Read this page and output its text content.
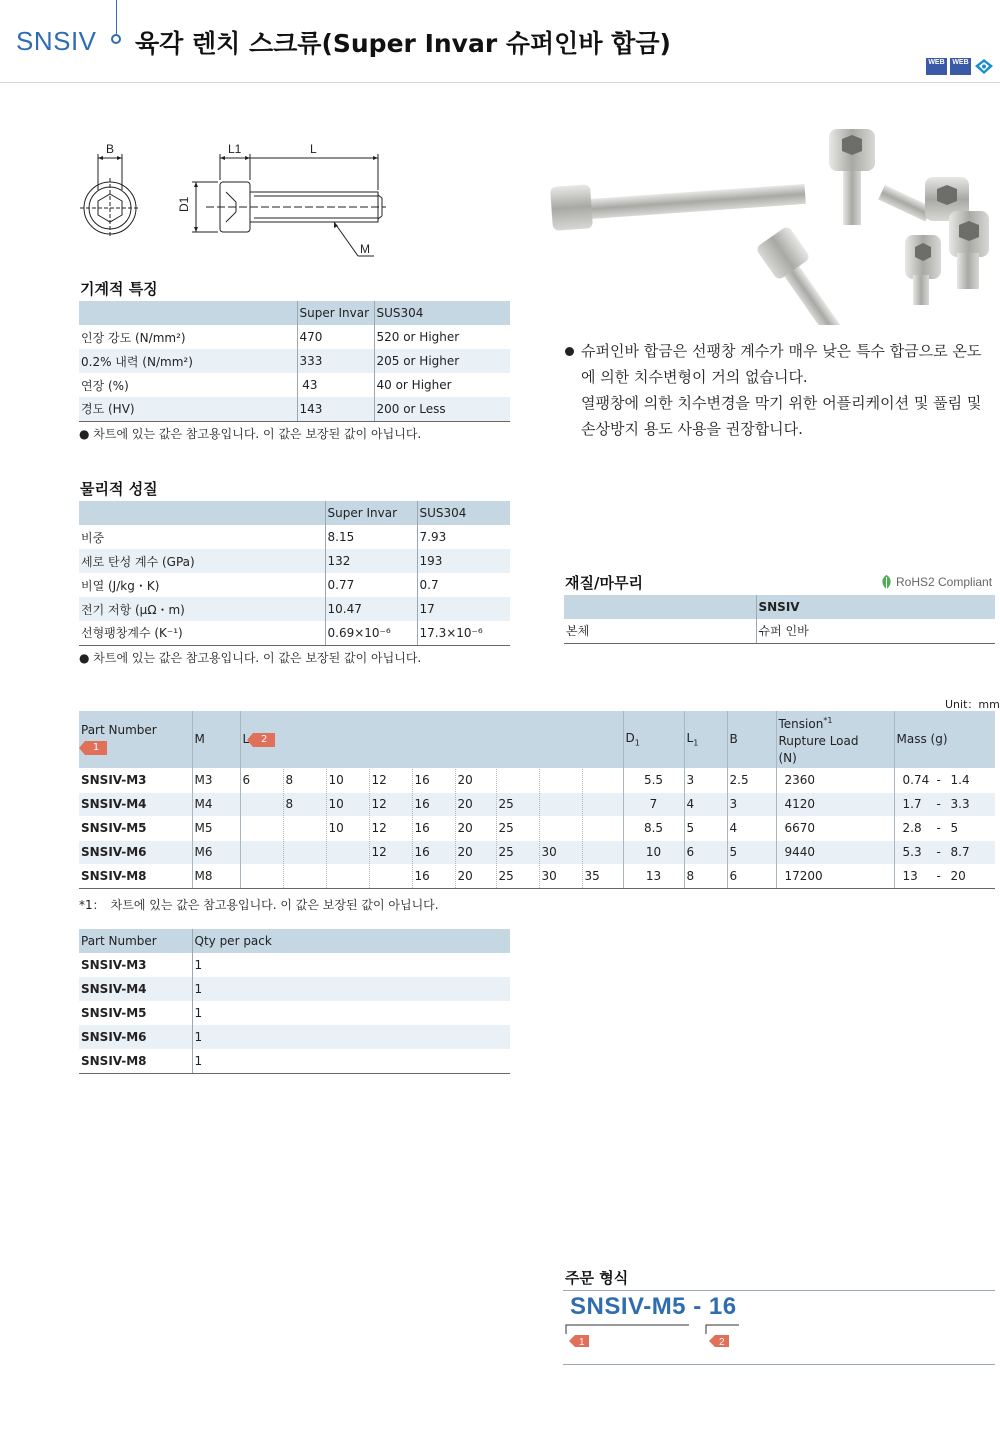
SNSIV 육각 렌치 스크류(Super Invar 슈퍼인바 합금)
WEB WEB
B	L1	L
D1
M
기계적 특징
	Super Invar	SUS304
인장 강도 (N/mm²)	470	520 or Higher
0.2% 내력 (N/mm²)	333	205 or Higher
연장 (%)	43	40 or Higher
경도 (HV)	143	200 or Less
● 차트에 있는 값은 참고용입니다. 이 값은 보장된 값이 아닙니다.

슈퍼인바 합금은 선팽창 계수가 매우 낮은 특수 합금으로 온도에 의한 치수변형이 거의 없습니다.
열팽창에 의한 치수변경을 막기 위한 어플리케이션 및 풀림 및 손상방지 용도 사용을 권장합니다.

물리적 성질
	Super Invar	SUS304
비중	8.15	7.93
세로 탄성 계수 (GPa)	132	193
비열 (J/kg・K)	0.77	0.7
전기 저항 (μΩ・m)	10.47	17
선형팽창계수 (K⁻¹)	0.69×10⁻⁶	17.3×10⁻⁶
● 차트에 있는 값은 참고용입니다. 이 값은 보장된 값이 아닙니다.
재질/마무리	RoHS2 Compliant
	SNSIV
본체	슈퍼 인바
Unit：mm
Part Number
1	M	L 2									$D_1$	$L_1$	B	Tension$^{*1}$
Rupture Load
(N)	Mass (g)
SNSIV-M3	M3	6	8	10	12	16	20				5.5	3	2.5	2360	0.74 - 1.4
SNSIV-M4	M4		8	10	12	16	20	25			7	4	3	4120	1.7 - 3.3
SNSIV-M5	M5			10	12	16	20	25			8.5	5	4	6670	2.8 - 5
SNSIV-M6	M6				12	16	20	25	30		10	6	5	9440	5.3 - 8.7
SNSIV-M8	M8					16	20	25	30	35	13	8	6	17200	13 - 20
*1：　차트에 있는 값은 참고용입니다. 이 값은 보장된 값이 아닙니다.
Part Number	Qty per pack
SNSIV-M3	1
SNSIV-M4	1
SNSIV-M5	1
SNSIV-M6	1
SNSIV-M8	1
주문 형식
SNSIV-M5 - 16
1	2
